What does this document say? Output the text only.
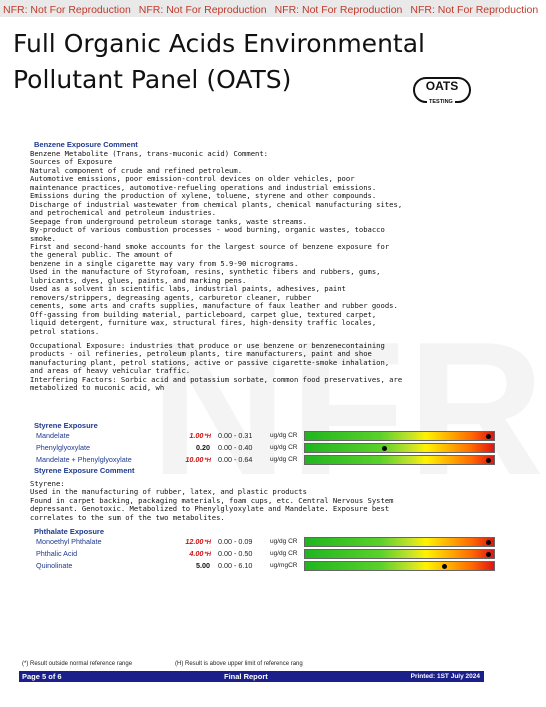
NFR: Not For Reproduction NFR: Not For Reproduction NFR: Not For Reproduction NFR: Not For Reproduction
Full Organic Acids Environmental
Pollutant Panel (OATS)	OATS
TESTING
Benzene Exposure Comment
Benzene Metabolite (Trans, trans-muconic acid) Comment:
Sources of Exposure
Natural component of crude and refined petroleum.
Automotive emissions, poor emission-control devices on older vehicles, poor
maintenance practices, automotive-refueling operations and industrial emissions.
Emissions during the production of xylene, toluene, styrene and other compounds.
Discharge of industrial wastewater from chemical plants, chemical manufacturing sites,
and petrochemical and petroleum industries.
Seepage from underground petroleum storage tanks, waste streams.
By-product of various combustion processes - wood burning, organic wastes, tobacco
smoke.
First and second-hand smoke accounts for the largest source of benzene exposure for
the general public. The amount of
benzene in a single cigarette may vary from 5.9-90 micrograms.
Used in the manufacture of Styrofoam, resins, synthetic fibers and rubbers, gums,
lubricants, dyes, glues, paints, and marking pens.
Used as a solvent in scientific labs, industrial paints, adhesives, paint
removers/strippers, degreasing agents, carburetor cleaner, rubber
cements, some arts and crafts supplies, manufacture of faux leather and rubber goods.
Off-gassing from building material, particleboard, carpet glue, textured carpet,
liquid detergent, furniture wax, structural fires, high-density traffic locales,
petrol stations.
Occupational Exposure: industries that produce or use benzene or benzenecontaining
products - oil refineries, petroleum plants, tire manufacturers, paint and shoe
manufacturing plant, petrol stations, active or passive cigarette-smoke inhalation,
and areas of heavy vehicular traffic.
Interfering Factors: Sorbic acid and potassium sorbate, common food preservatives, are
metabolized to muconic acid, wh
Styrene Exposure
Mandelate	1.00*H 0.00 - 0.31	ug/dg CR
Phenylglyoxylate	0.20 0.00 - 0.40	ug/dg CR
Mandelate + Phenylglyoxylate	10.00*H 0.00 - 0.64	ug/dg CR
Styrene Exposure Comment
Styrene:
Used in the manufacturing of rubber, latex, and plastic products
Found in carpet backing, packaging materials, foam cups, etc. Central Nervous System
depressant. Genotoxic. Metabolized to Phenylglyoxylate and Mandelate. Exposure best
correlates to the sum of the two metabolites.
Phthalate Exposure
Monoethyl Phthalate	12.00*H 0.00 - 0.09	ug/dg CR
Phthalic Acid	4.00*H 0.00 - 0.50	ug/dg CR
Quinolinate	5.00 0.00 - 6.10	ug/mgCR
(*) Result outside normal reference range	(H) Result is above upper limit of reference rang
Page 5 of 6	Final Report	Printed: 1ST July 2024
